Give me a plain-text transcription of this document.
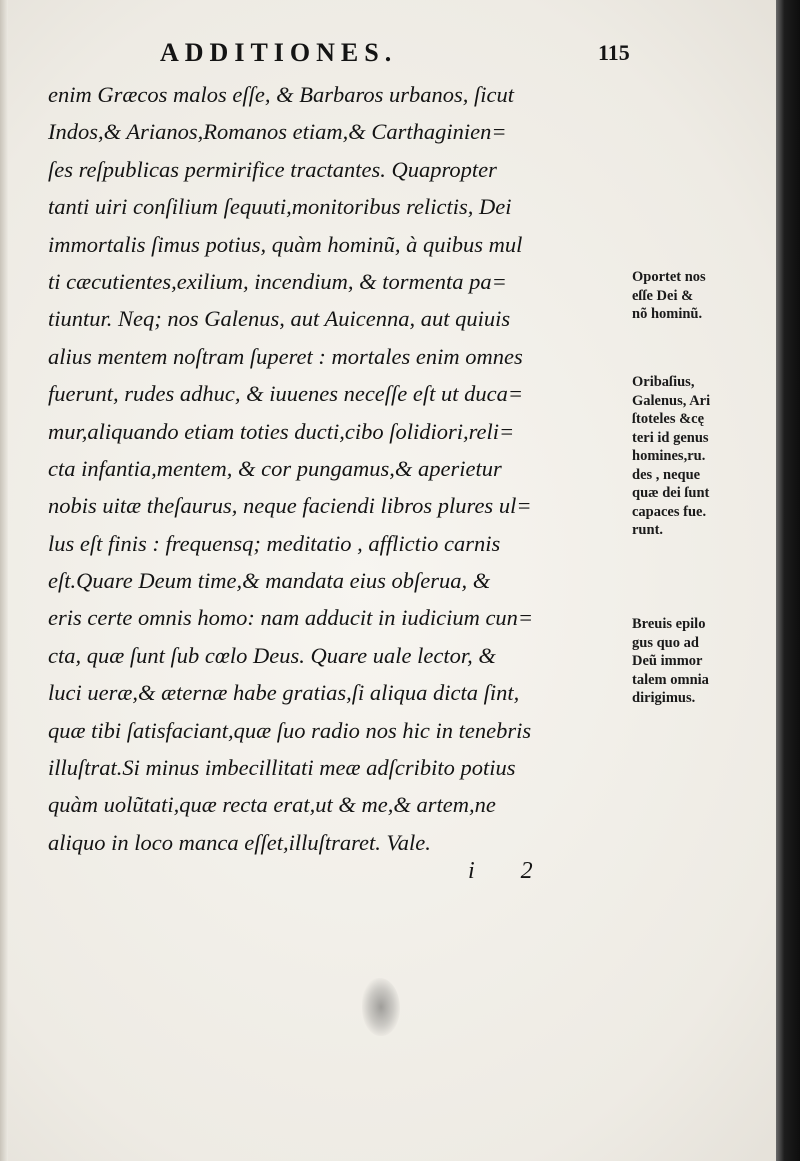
ADDITIONES.	115
enim Græcos malos eſſe, & Barbaros urbanos, ſicut
Indos,& Arianos,Romanos etiam,& Carthaginien=
ſes reſpublicas permirifice tractantes. Quapropter
tanti uiri conſilium ſequuti,monitoribus relictis, Dei
immortalis ſimus potius, quàm hominũ, à quibus mul
ti cæcutientes,exilium, incendium, & tormenta pa=
tiuntur. Neq; nos Galenus, aut Auicenna, aut quiuis
alius mentem noſtram ſuperet : mortales enim omnes
fuerunt, rudes adhuc, & iuuenes neceſſe eſt ut duca=
mur,aliquando etiam toties ducti,cibo ſolidiori,reli=
cta infantia,mentem, & cor pungamus,& aperietur
nobis uitæ theſaurus, neque faciendi libros plures ul=
lus eſt finis : frequensq; meditatio , afflictio carnis
eſt.Quare Deum time,& mandata eius obſerua, &
eris certe omnis homo: nam adducit in iudicium cun=
cta, quæ ſunt ſub cœlo Deus. Quare uale lector, &
luci ueræ,& æternæ habe gratias,ſi aliqua dicta ſint,
quæ tibi ſatisfaciant,quæ ſuo radio nos hic in tenebris
illuſtrat.Si minus imbecillitati meæ adſcribito potius
quàm uolũtati,quæ recta erat,ut & me,& artem,ne
aliquo in loco manca eſſet,illuſtraret. Vale.
Oportet nos
eſſe Dei &
nõ hominũ.
Oribaſius,
Galenus, Ari
ſtoteles &cę
teri id genus
homines,ru.
des , neque
quæ dei ſunt
capaces fue.
runt.
Breuis epilo
gus quo ad
Deũ immor
talem omnia
dirigimus.
i 2
